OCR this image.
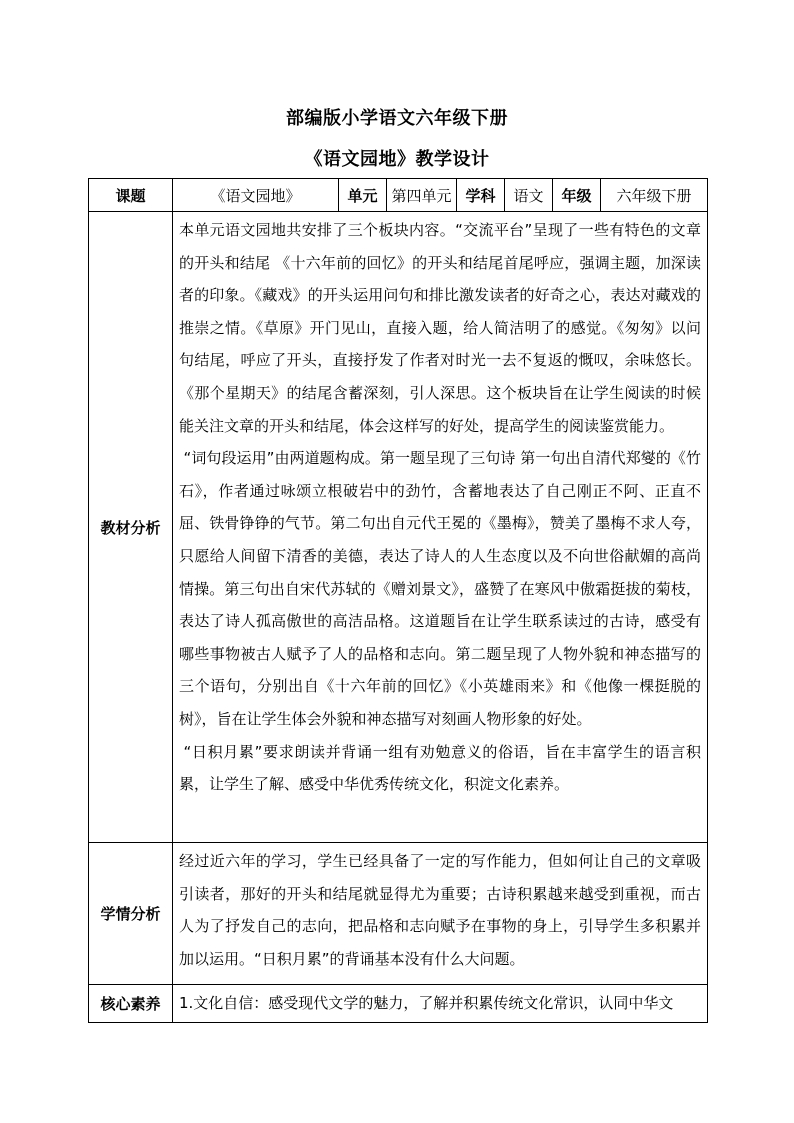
部编版小学语文六年级下册
《语文园地》教学设计
课题	《语文园地》	单元	第四单元	学科	语文	年级	六年级下册
教材分析	本单元语文园地共安排了三个板块内容。“交流平台”呈现了一些有特色的文章的开头和结尾 《十六年前的回忆》的开头和结尾首尾呼应，强调主题，加深读者的印象。《藏戏》的开头运用问句和排比激发读者的好奇之心，表达对藏戏的推崇之情。《草原》开门见山，直接入题，给人简洁明了的感觉。《匆匆》以问句结尾，呼应了开头，直接抒发了作者对时光一去不复返的慨叹，余味悠长。《那个星期天》的结尾含蓄深刻，引人深思。这个板块旨在让学生阅读的时候能关注文章的开头和结尾，体会这样写的好处，提高学生的阅读鉴赏能力。

“词句段运用”由两道题构成。第一题呈现了三句诗 第一句出自清代郑燮的《竹石》，作者通过咏颂立根破岩中的劲竹，含蓄地表达了自己刚正不阿、正直不屈、铁骨铮铮的气节。第二句出自元代王冕的《墨梅》，赞美了墨梅不求人夸，只愿给人间留下清香的美德，表达了诗人的人生态度以及不向世俗献媚的高尚情操。第三句出自宋代苏轼的《赠刘景文》，盛赞了在寒风中傲霜挺拔的菊枝，表达了诗人孤高傲世的高洁品格。这道题旨在让学生联系读过的古诗，感受有哪些事物被古人赋予了人的品格和志向。第二题呈现了人物外貌和神态描写的三个语句，分别出自《十六年前的回忆》《小英雄雨来》和《他像一棵挺脱的树》，旨在让学生体会外貌和神态描写对刻画人物形象的好处。

“日积月累”要求朗读并背诵一组有劝勉意义的俗语，旨在丰富学生的语言积累，让学生了解、感受中华优秀传统文化，积淀文化素养。						

学情分析	经过近六年的学习，学生已经具备了一定的写作能力，但如何让自己的文章吸引读者，那好的开头和结尾就显得尤为重要；古诗积累越来越受到重视，而古人为了抒发自己的志向，把品格和志向赋予在事物的身上，引导学生多积累并加以运用。“日积月累”的背诵基本没有什么大问题。						

核心素养	1.文化自信：感受现代文学的魅力，了解并积累传统文化常识，认同中华文						
